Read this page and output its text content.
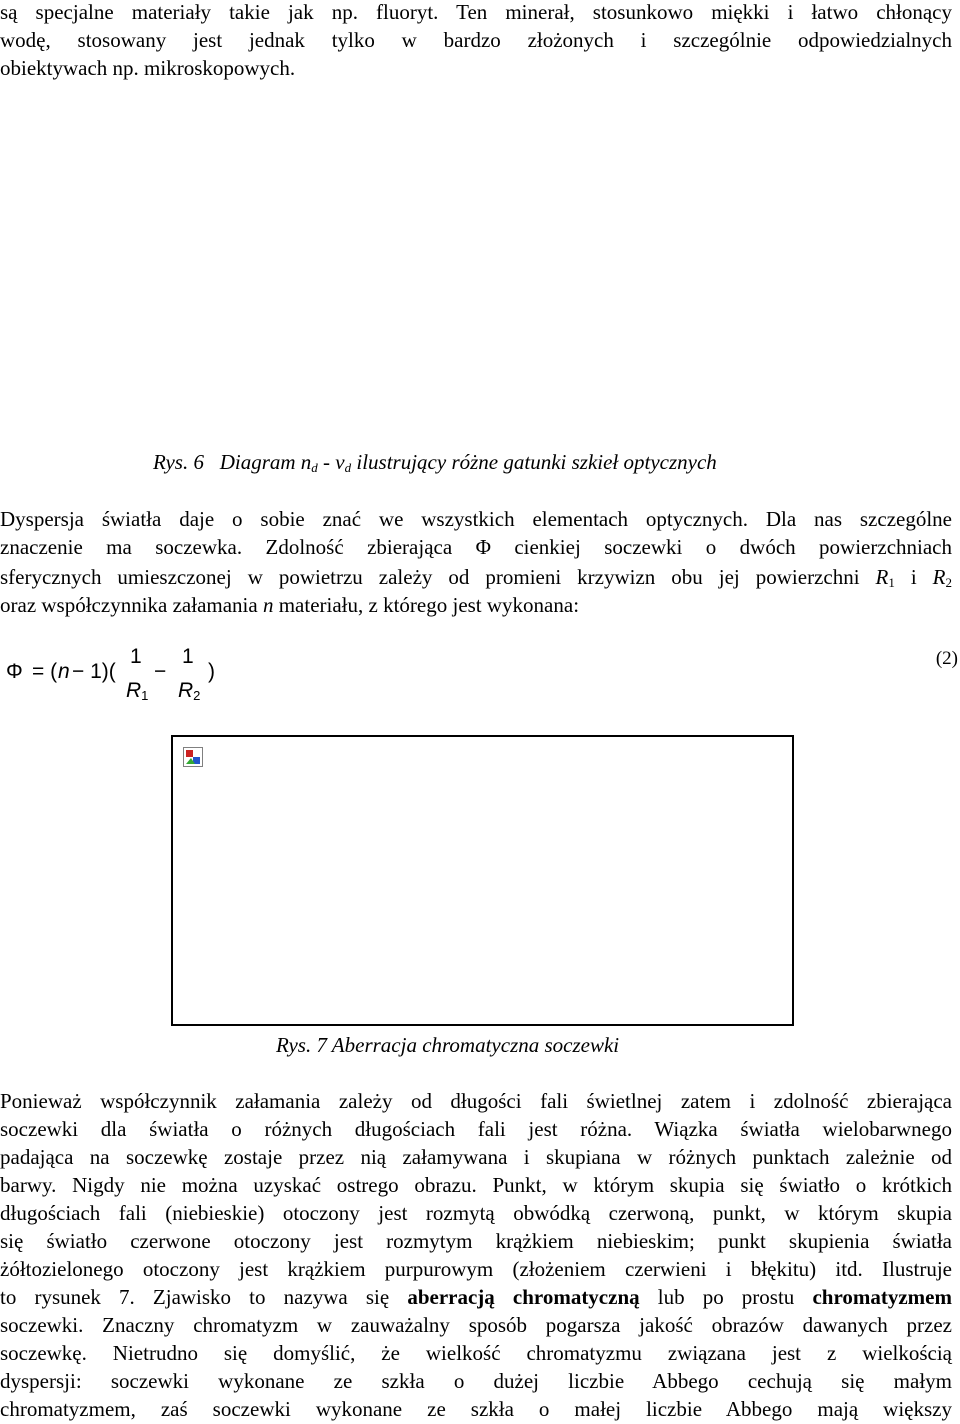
są specjalne materiały takie jak np. fluoryt. Ten minerał, stosunkowo miękki i łatwo chłonący
wodę, stosowany jest jednak tylko w bardzo złożonych i szczególnie odpowiedzialnych
obiektywach np. mikroskopowych.
Rys. 6 Diagram $n_d - \nu_d$ ilustrujący różne gatunki szkieł optycznych
Dyspersja światła daje o sobie znać we wszystkich elementach optycznych. Dla nas szczególne
znaczenie ma soczewka. Zdolność zbierająca Φ cienkiej soczewki o dwóch powierzchniach
sferycznych umieszczonej w powietrzu zależy od promieni krzywizn obu jej powierzchni $R_1$ i $R_2$
oraz współczynnika załamania n materiału, z którego jest wykonana:
Φ = ( n − 1)(
1
−
1
)
$R_1$ $R_2$
(2)
Rys. 7 Aberracja chromatyczna soczewki
Ponieważ współczynnik załamania zależy od długości fali świetlnej zatem i zdolność zbierająca
soczewki dla światła o różnych długościach fali jest różna. Wiązka światła wielobarwnego
padająca na soczewkę zostaje przez nią załamywana i skupiana w różnych punktach zależnie od
barwy. Nigdy nie można uzyskać ostrego obrazu. Punkt, w którym skupia się światło o krótkich
długościach fali (niebieskie) otoczony jest rozmytą obwódką czerwoną, punkt, w którym skupia
się światło czerwone otoczony jest rozmytym krążkiem niebieskim; punkt skupienia światła
żółtozielonego otoczony jest krążkiem purpurowym (złożeniem czerwieni i błękitu) itd. Ilustruje
to rysunek 7. Zjawisko to nazywa się aberracją chromatyczną lub po prostu chromatyzmem
soczewki. Znaczny chromatyzm w zauważalny sposób pogarsza jakość obrazów dawanych przez
soczewkę. Nietrudno się domyślić, że wielkość chromatyzmu związana jest z wielkością
dyspersji: soczewki wykonane ze szkła o dużej liczbie Abbego cechują się małym
chromatyzmem, zaś soczewki wykonane ze szkła o małej liczbie Abbego mają większy
